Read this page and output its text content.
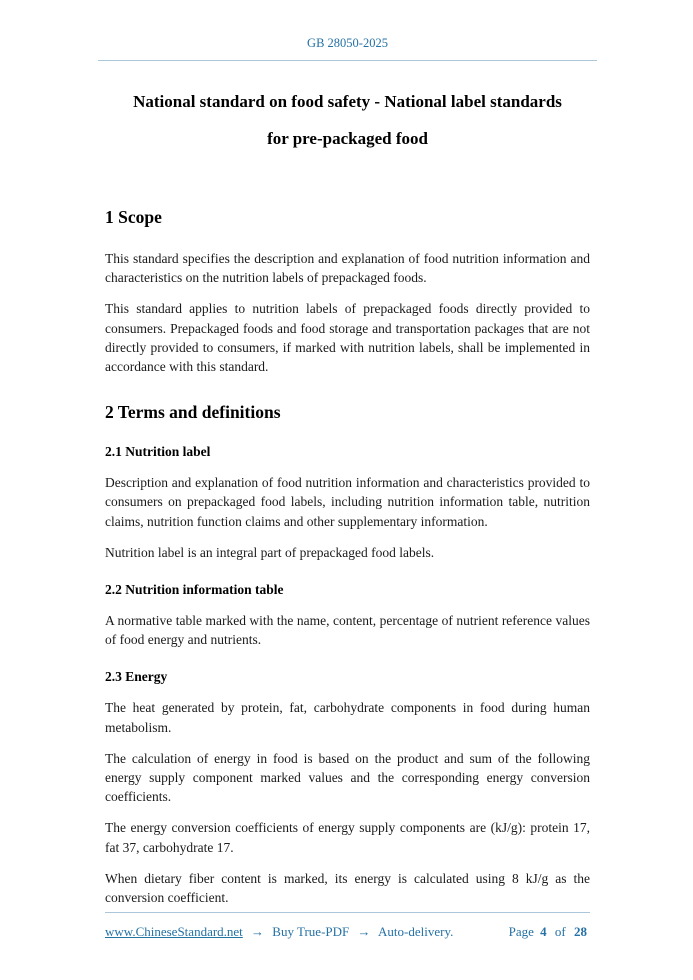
GB 28050-2025
National standard on food safety - National label standards
for pre-packaged food
1 Scope

This standard specifies the description and explanation of food nutrition information and characteristics on the nutrition labels of prepackaged foods.

This standard applies to nutrition labels of prepackaged foods directly provided to consumers. Prepackaged foods and food storage and transportation packages that are not directly provided to consumers, if marked with nutrition labels, shall be implemented in accordance with this standard.

2 Terms and definitions
2.1 Nutrition label

Description and explanation of food nutrition information and characteristics provided to consumers on prepackaged food labels, including nutrition information table, nutrition claims, nutrition function claims and other supplementary information.

Nutrition label is an integral part of prepackaged food labels.

2.2 Nutrition information table

A normative table marked with the name, content, percentage of nutrient reference values of food energy and nutrients.

2.3 Energy

The heat generated by protein, fat, carbohydrate components in food during human metabolism.

The calculation of energy in food is based on the product and sum of the following energy supply component marked values and the corresponding energy conversion coefficients.

The energy conversion coefficients of energy supply components are (kJ/g): protein 17, fat 37, carbohydrate 17.

When dietary fiber content is marked, its energy is calculated using 8 kJ/g as the conversion coefficient.

www.ChineseStandard.net → Buy True-PDF → Auto-delivery.	Page 4 of 28
